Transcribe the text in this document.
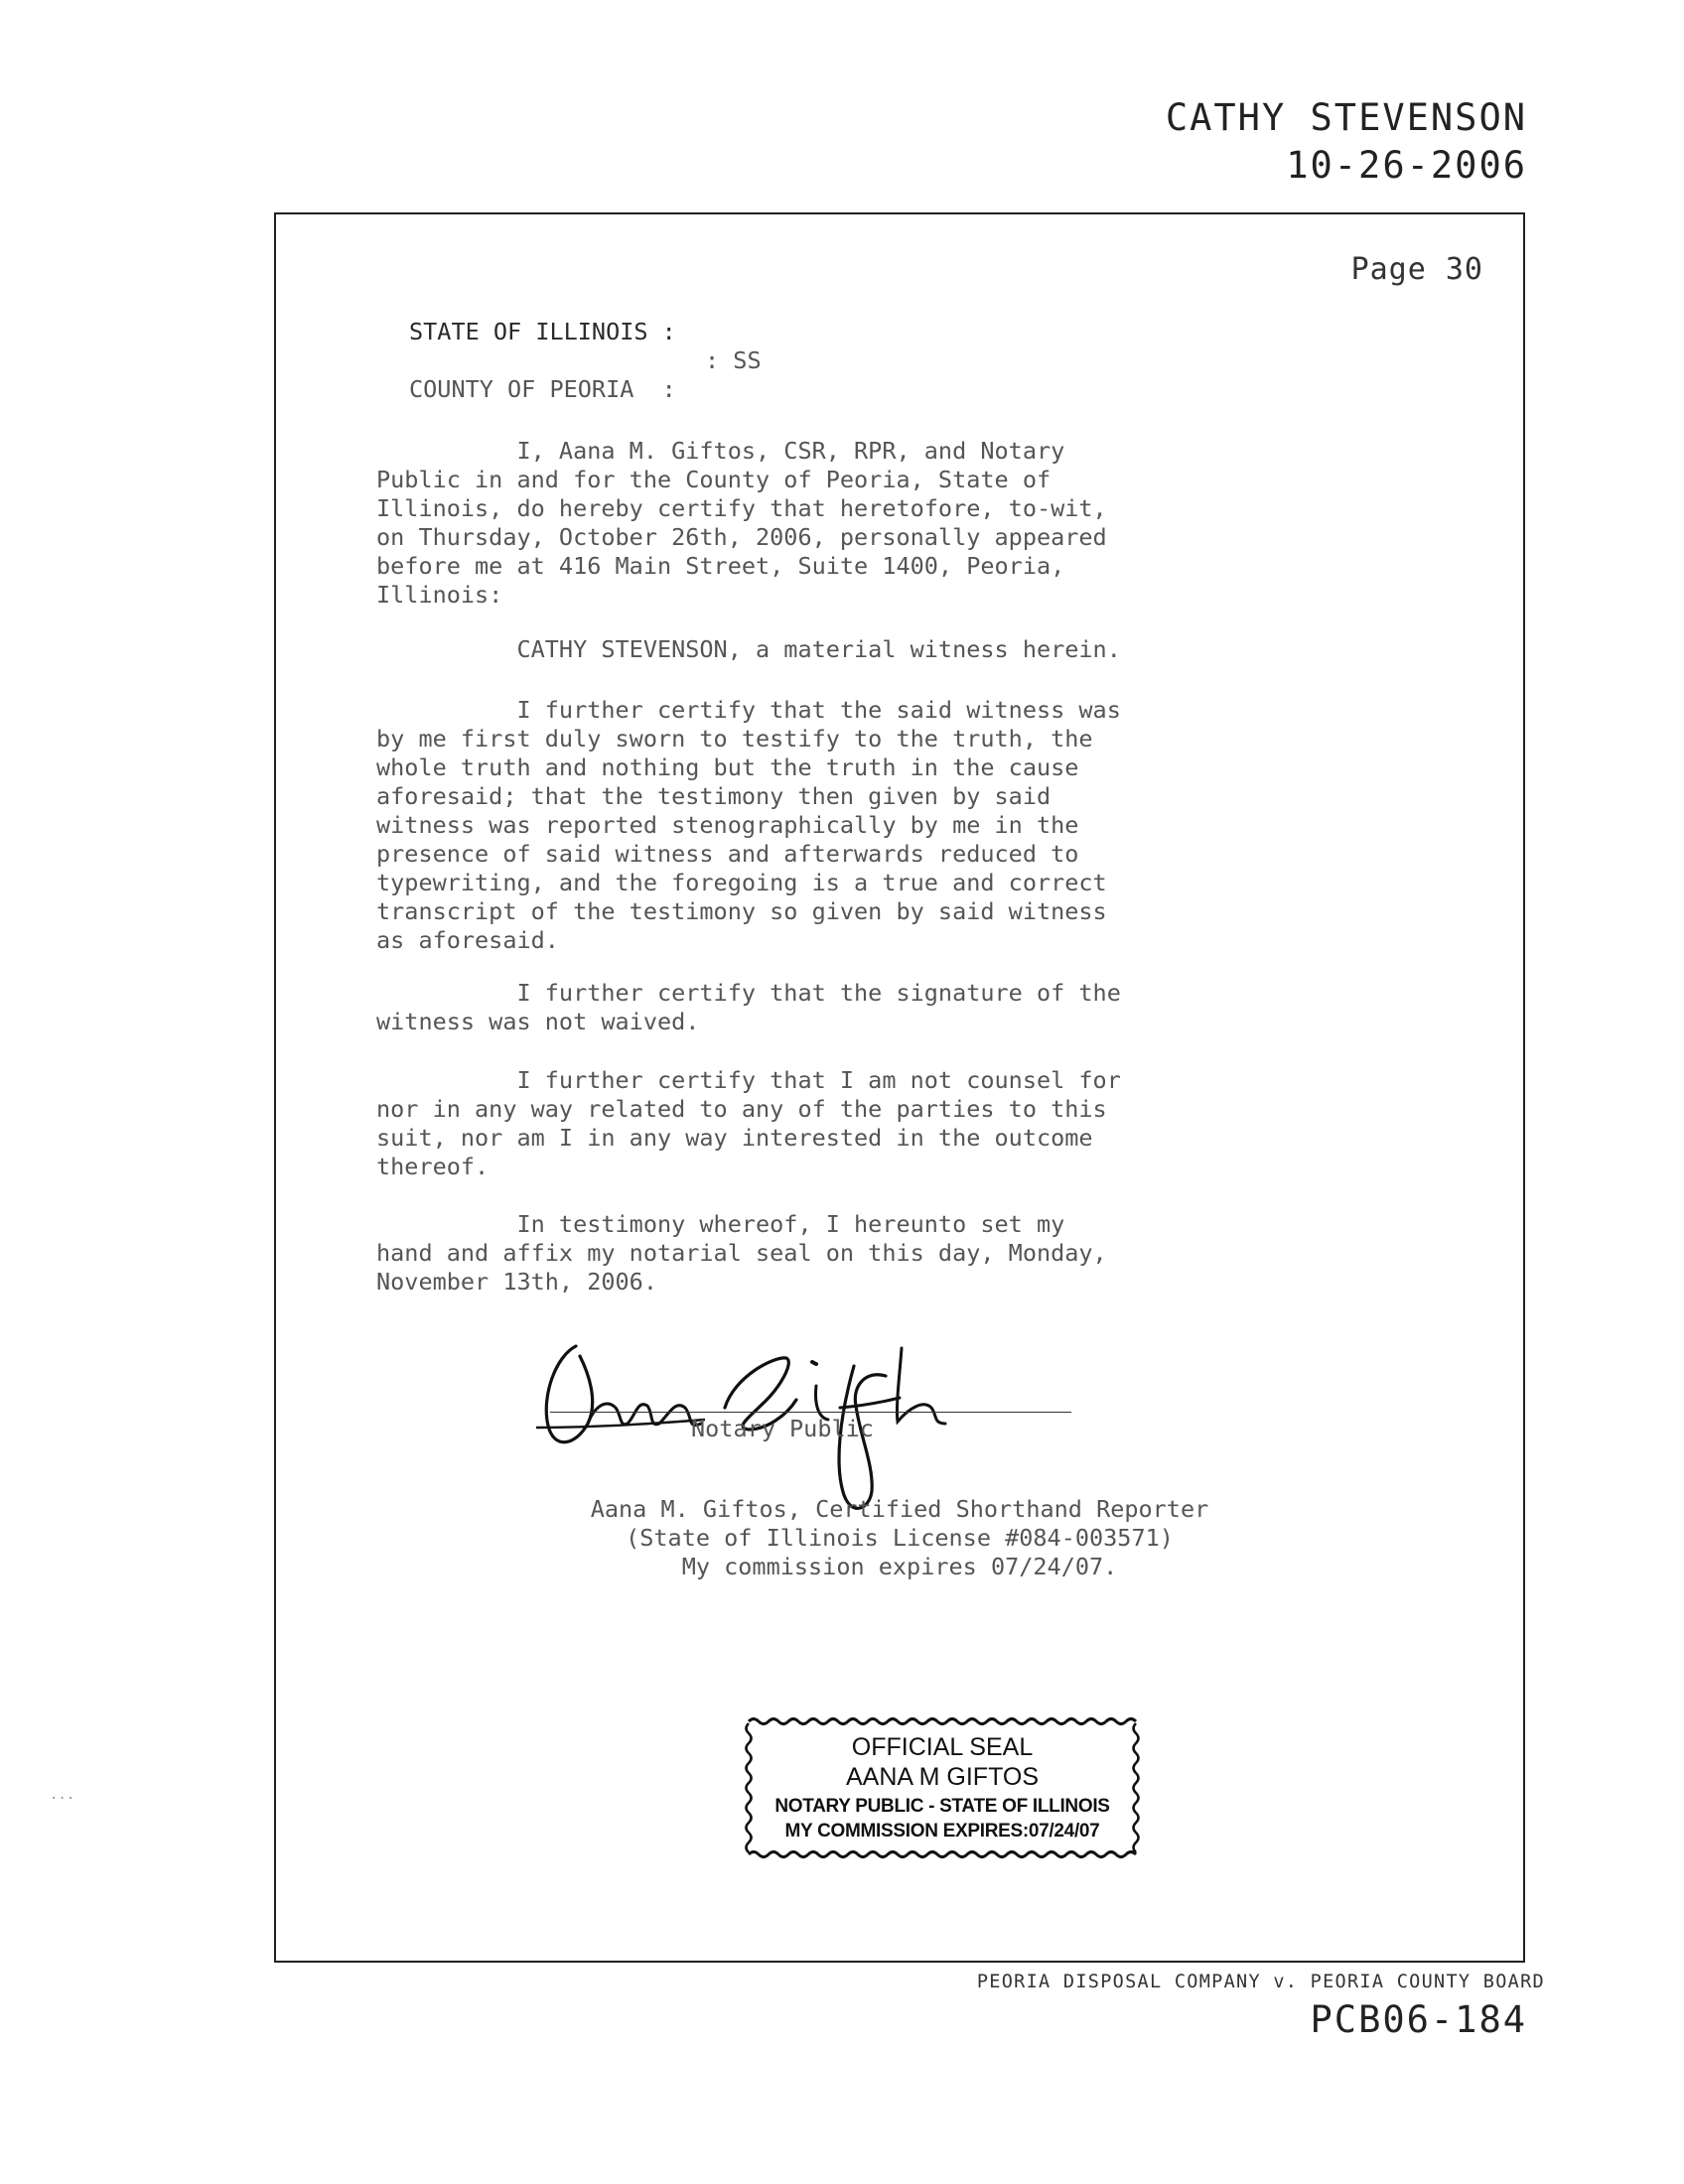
CATHY STEVENSON
10-26-2006
...
Page 30
STATE OF ILLINOIS :
: SS
COUNTY OF PEORIA  :
I, Aana M. Giftos, CSR, RPR, and Notary
Public in and for the County of Peoria, State of
Illinois, do hereby certify that heretofore, to-wit,
on Thursday, October 26th, 2006, personally appeared
before me at 416 Main Street, Suite 1400, Peoria,
Illinois:
CATHY STEVENSON, a material witness herein.
I further certify that the said witness was
by me first duly sworn to testify to the truth, the
whole truth and nothing but the truth in the cause
aforesaid; that the testimony then given by said
witness was reported stenographically by me in the
presence of said witness and afterwards reduced to
typewriting, and the foregoing is a true and correct
transcript of the testimony so given by said witness
as aforesaid.
I further certify that the signature of the
witness was not waived.
I further certify that I am not counsel for
nor in any way related to any of the parties to this
suit, nor am I in any way interested in the outcome
thereof.
In testimony whereof, I hereunto set my
hand and affix my notarial seal on this day, Monday,
November 13th, 2006.
Notary Public
Aana M. Giftos, Certified Shorthand Reporter
(State of Illinois License #084-003571)
My commission expires 07/24/07.
OFFICIAL SEAL
AANA M GIFTOS
NOTARY PUBLIC - STATE OF ILLINOIS
MY COMMISSION EXPIRES:07/24/07
PEORIA DISPOSAL COMPANY v. PEORIA COUNTY BOARD
PCB06-184
